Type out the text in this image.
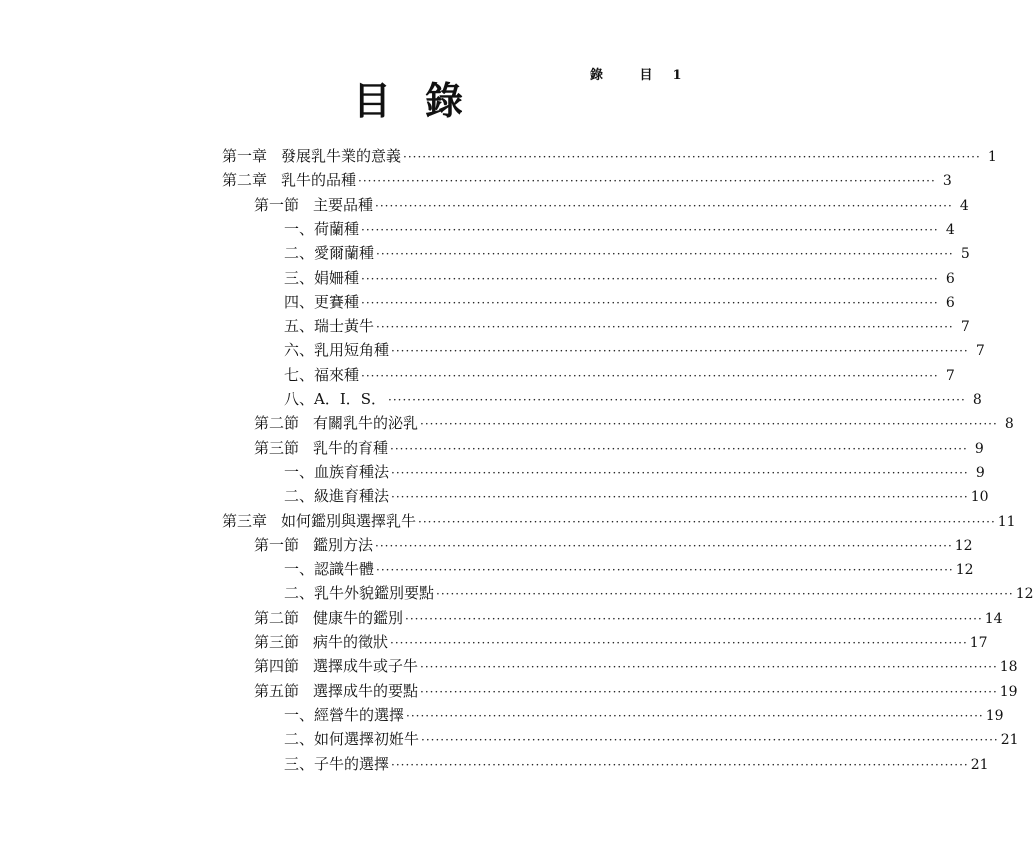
錄 目 1
目錄
第一章 發展乳牛業的意義 ························································································································ 1
第二章 乳牛的品種 ························································································································ 3
第一節 主要品種 ························································································································ 4
一、荷蘭種 ························································································································ 4
二、愛爾蘭種 ························································································································ 5
三、娟姍種 ························································································································ 6
四、更賽種 ························································································································ 6
五、瑞士黃牛 ························································································································ 7
六、乳用短角種 ························································································································ 7
七、福來種 ························································································································ 7
八、A．I．S． ························································································································ 8
第二節 有關乳牛的泌乳 ························································································································ 8
第三節 乳牛的育種 ························································································································ 9
一、血族育種法 ························································································································ 9
二、級進育種法 ························································································································ 10
第三章 如何鑑別與選擇乳牛 ························································································································ 11
第一節 鑑別方法 ························································································································ 12
一、認識牛體 ························································································································ 12
二、乳牛外貌鑑別要點 ························································································································ 12
第二節 健康牛的鑑別 ························································································································ 14
第三節 病牛的徵狀 ························································································································ 17
第四節 選擇成牛或子牛 ························································································································ 18
第五節 選擇成牛的要點 ························································································································ 19
一、經營牛的選擇 ························································································································ 19
二、如何選擇初姙牛 ························································································································ 21
三、子牛的選擇 ························································································································ 21
